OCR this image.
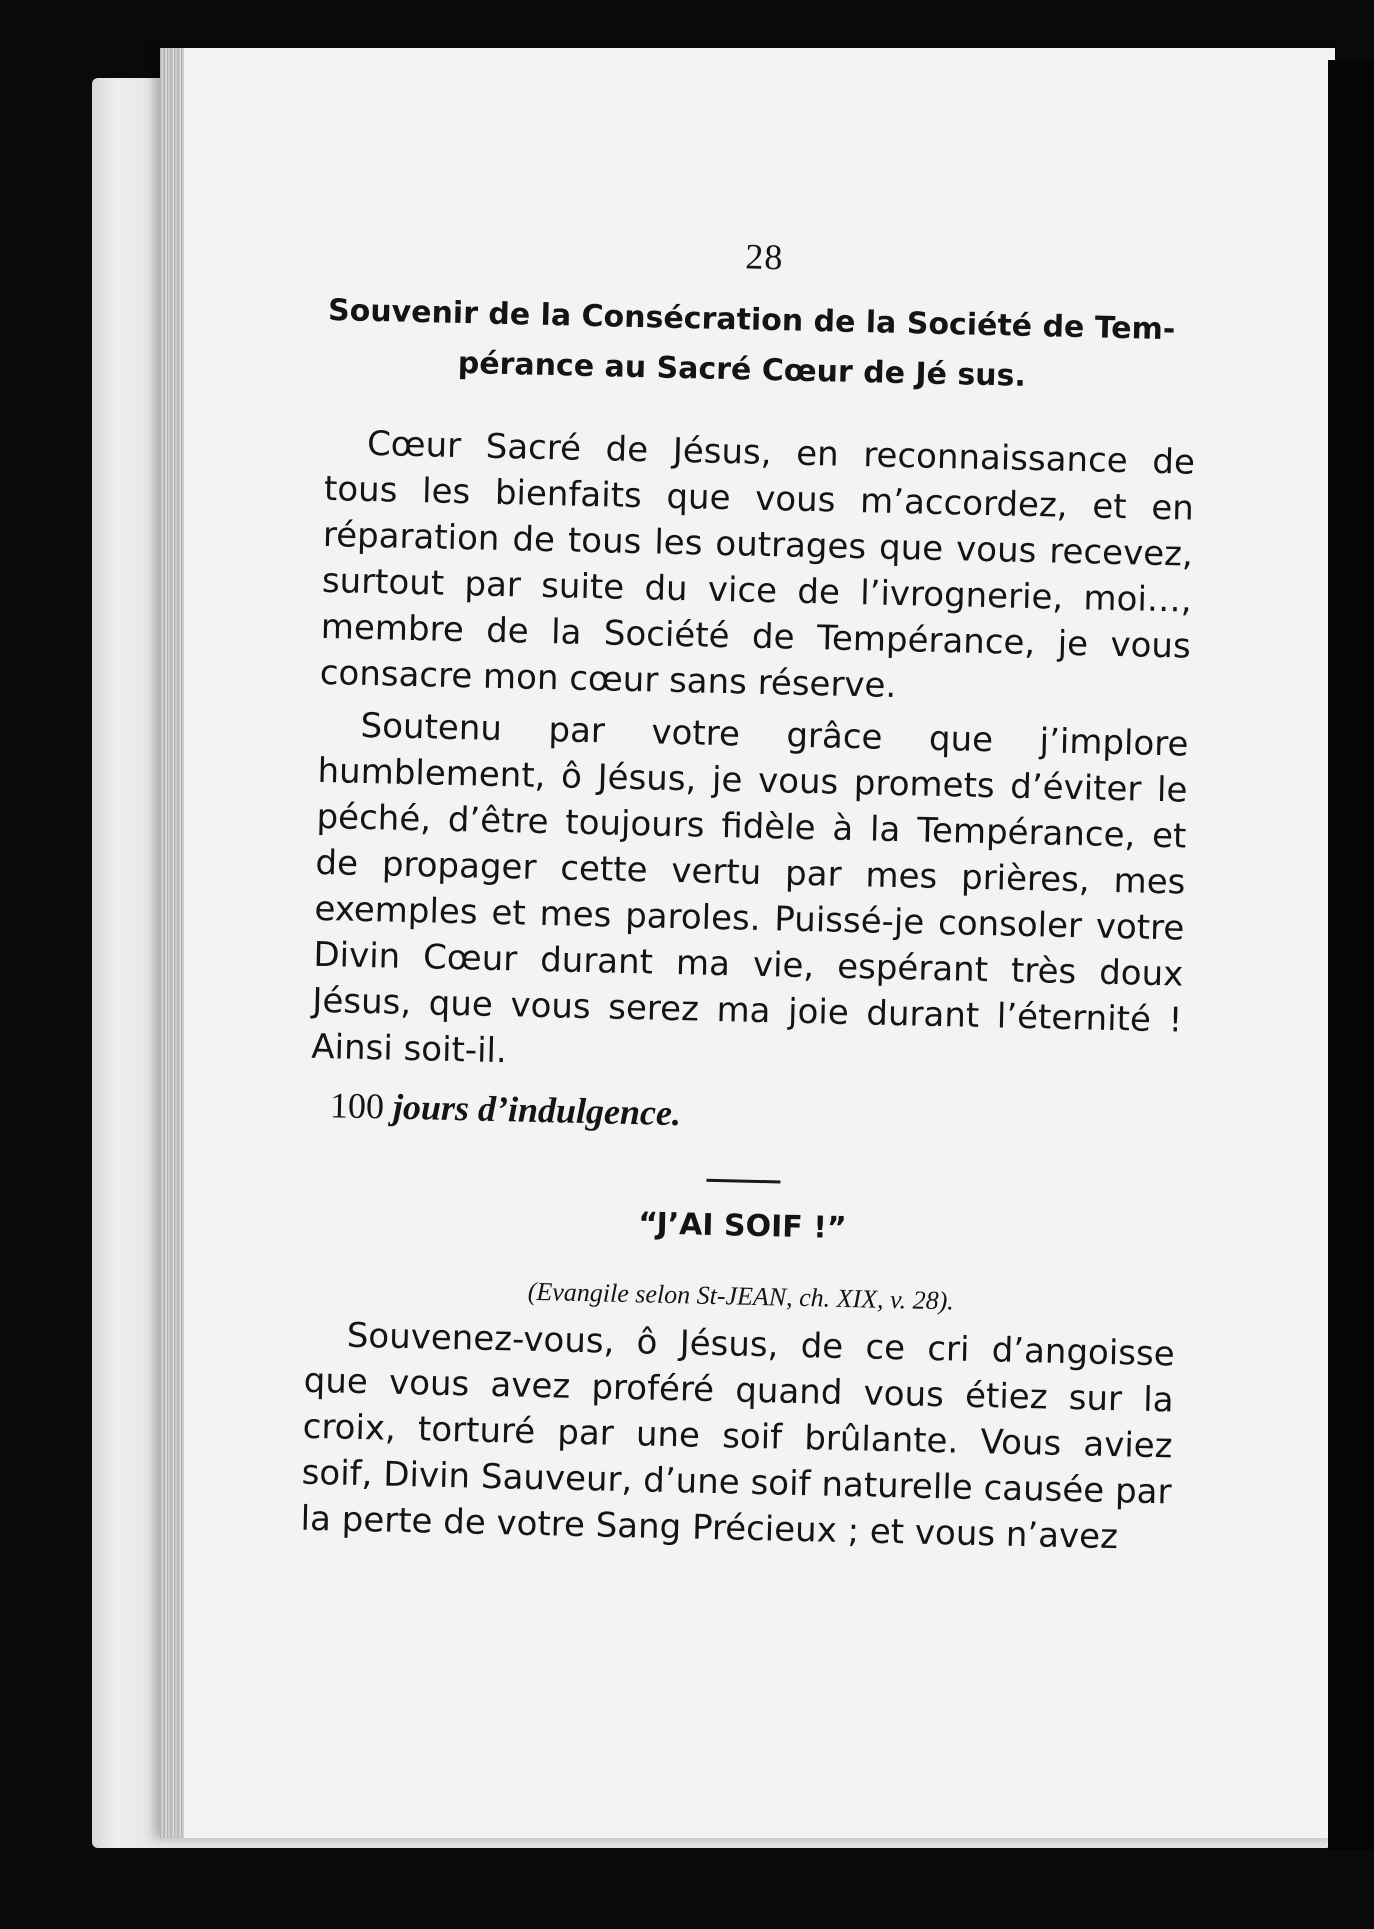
28
Souvenir de la Consécration de la Société de Tem-
pérance au Sacré Cœur de Jé sus.

Cœur Sacré de Jésus, en reconnaissance de tous les bienfaits que vous m’accordez, et en réparation de tous les outrages que vous recevez, surtout par suite du vice de l’ivrognerie, moi…, membre de la Société de Tempérance, je vous consacre mon cœur sans réserve.

Soutenu par votre grâce que j’implore humblement, ô Jésus, je vous promets d’éviter le péché, d’être toujours fidèle à la Tempérance, et de propager cette vertu par mes prières, mes exemples et mes paroles. Puissé-je consoler votre Divin Cœur durant ma vie, espérant très doux Jésus, que vous serez ma joie durant l’éternité ! Ainsi soit-il.

100 jours d’indulgence.
“J’AI SOIF !”
(Evangile selon St-JEAN, ch. XIX, v. 28).

Souvenez-vous, ô Jésus, de ce cri d’angoisse que vous avez proféré quand vous étiez sur la croix, torturé par une soif brûlante. Vous aviez soif, Divin Sauveur, d’une soif naturelle causée par la perte de votre Sang Précieux ; et vous n’avez
